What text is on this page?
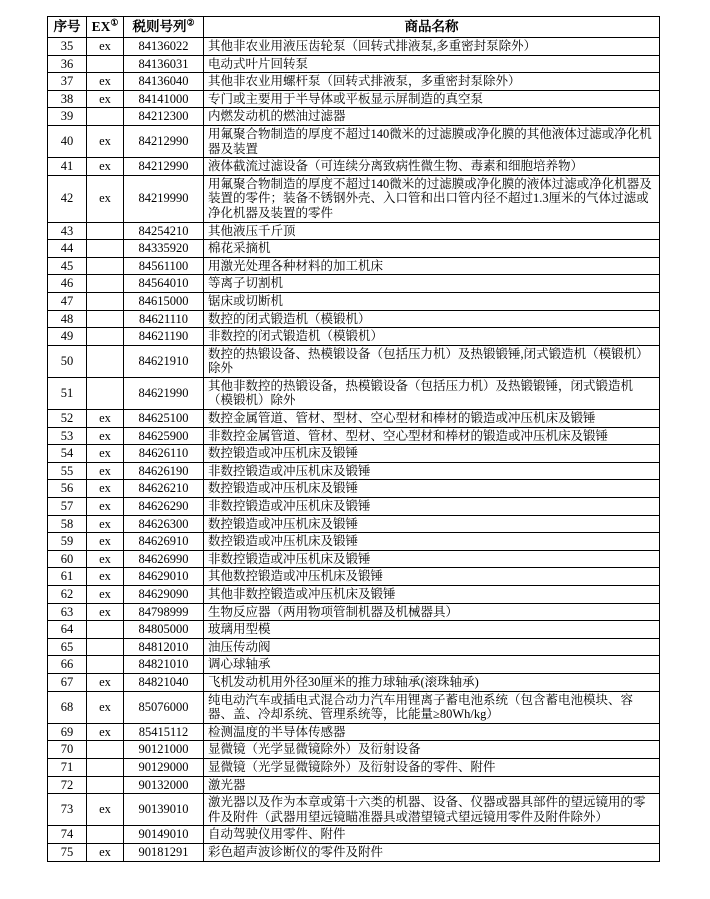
序号	EX①	税则号列②	商品名称
35	ex	84136022	其他非农业用液压齿轮泵（回转式排液泵,多重密封泵除外）
36		84136031	电动式叶片回转泵
37	ex	84136040	其他非农业用螺杆泵（回转式排液泵，多重密封泵除外）
38	ex	84141000	专门或主要用于半导体或平板显示屏制造的真空泵
39		84212300	内燃发动机的燃油过滤器
40	ex	84212990	用氟聚合物制造的厚度不超过140微米的过滤膜或净化膜的其他液体过滤或净化机器及装置
41	ex	84212990	液体截流过滤设备（可连续分离致病性微生物、毒素和细胞培养物）
42	ex	84219990	用氟聚合物制造的厚度不超过140微米的过滤膜或净化膜的液体过滤或净化机器及装置的零件；装备不锈钢外壳、入口管和出口管内径不超过1.3厘米的气体过滤或净化机器及装置的零件
43		84254210	其他液压千斤顶
44		84335920	棉花采摘机
45		84561100	用激光处理各种材料的加工机床
46		84564010	等离子切割机
47		84615000	锯床或切断机
48		84621110	数控的闭式锻造机（模锻机）
49		84621190	非数控的闭式锻造机（模锻机）
50		84621910	数控的热锻设备、热模锻设备（包括压力机）及热锻锻锤,闭式锻造机（模锻机）除外
51		84621990	其他非数控的热锻设备，热模锻设备（包括压力机）及热锻锻锤，闭式锻造机（模锻机）除外
52	ex	84625100	数控金属管道、管材、型材、空心型材和棒材的锻造或冲压机床及锻锤
53	ex	84625900	非数控金属管道、管材、型材、空心型材和棒材的锻造或冲压机床及锻锤
54	ex	84626110	数控锻造或冲压机床及锻锤
55	ex	84626190	非数控锻造或冲压机床及锻锤
56	ex	84626210	数控锻造或冲压机床及锻锤
57	ex	84626290	非数控锻造或冲压机床及锻锤
58	ex	84626300	数控锻造或冲压机床及锻锤
59	ex	84626910	数控锻造或冲压机床及锻锤
60	ex	84626990	非数控锻造或冲压机床及锻锤
61	ex	84629010	其他数控锻造或冲压机床及锻锤
62	ex	84629090	其他非数控锻造或冲压机床及锻锤
63	ex	84798999	生物反应器（两用物项管制机器及机械器具）
64		84805000	玻璃用型模
65		84812010	油压传动阀
66		84821010	调心球轴承
67	ex	84821040	飞机发动机用外径30厘米的推力球轴承(滚珠轴承)
68	ex	85076000	纯电动汽车或插电式混合动力汽车用锂离子蓄电池系统（包含蓄电池模块、容器、盖、冷却系统、管理系统等，比能量≥80Wh/kg）
69	ex	85415112	检测温度的半导体传感器
70		90121000	显微镜（光学显微镜除外）及衍射设备
71		90129000	显微镜（光学显微镜除外）及衍射设备的零件、附件
72		90132000	激光器
73	ex	90139010	激光器以及作为本章或第十六类的机器、设备、仪器或器具部件的望远镜用的零件及附件（武器用望远镜瞄准器具或潜望镜式望远镜用零件及附件除外）
74		90149010	自动驾驶仪用零件、附件
75	ex	90181291	彩色超声波诊断仪的零件及附件
